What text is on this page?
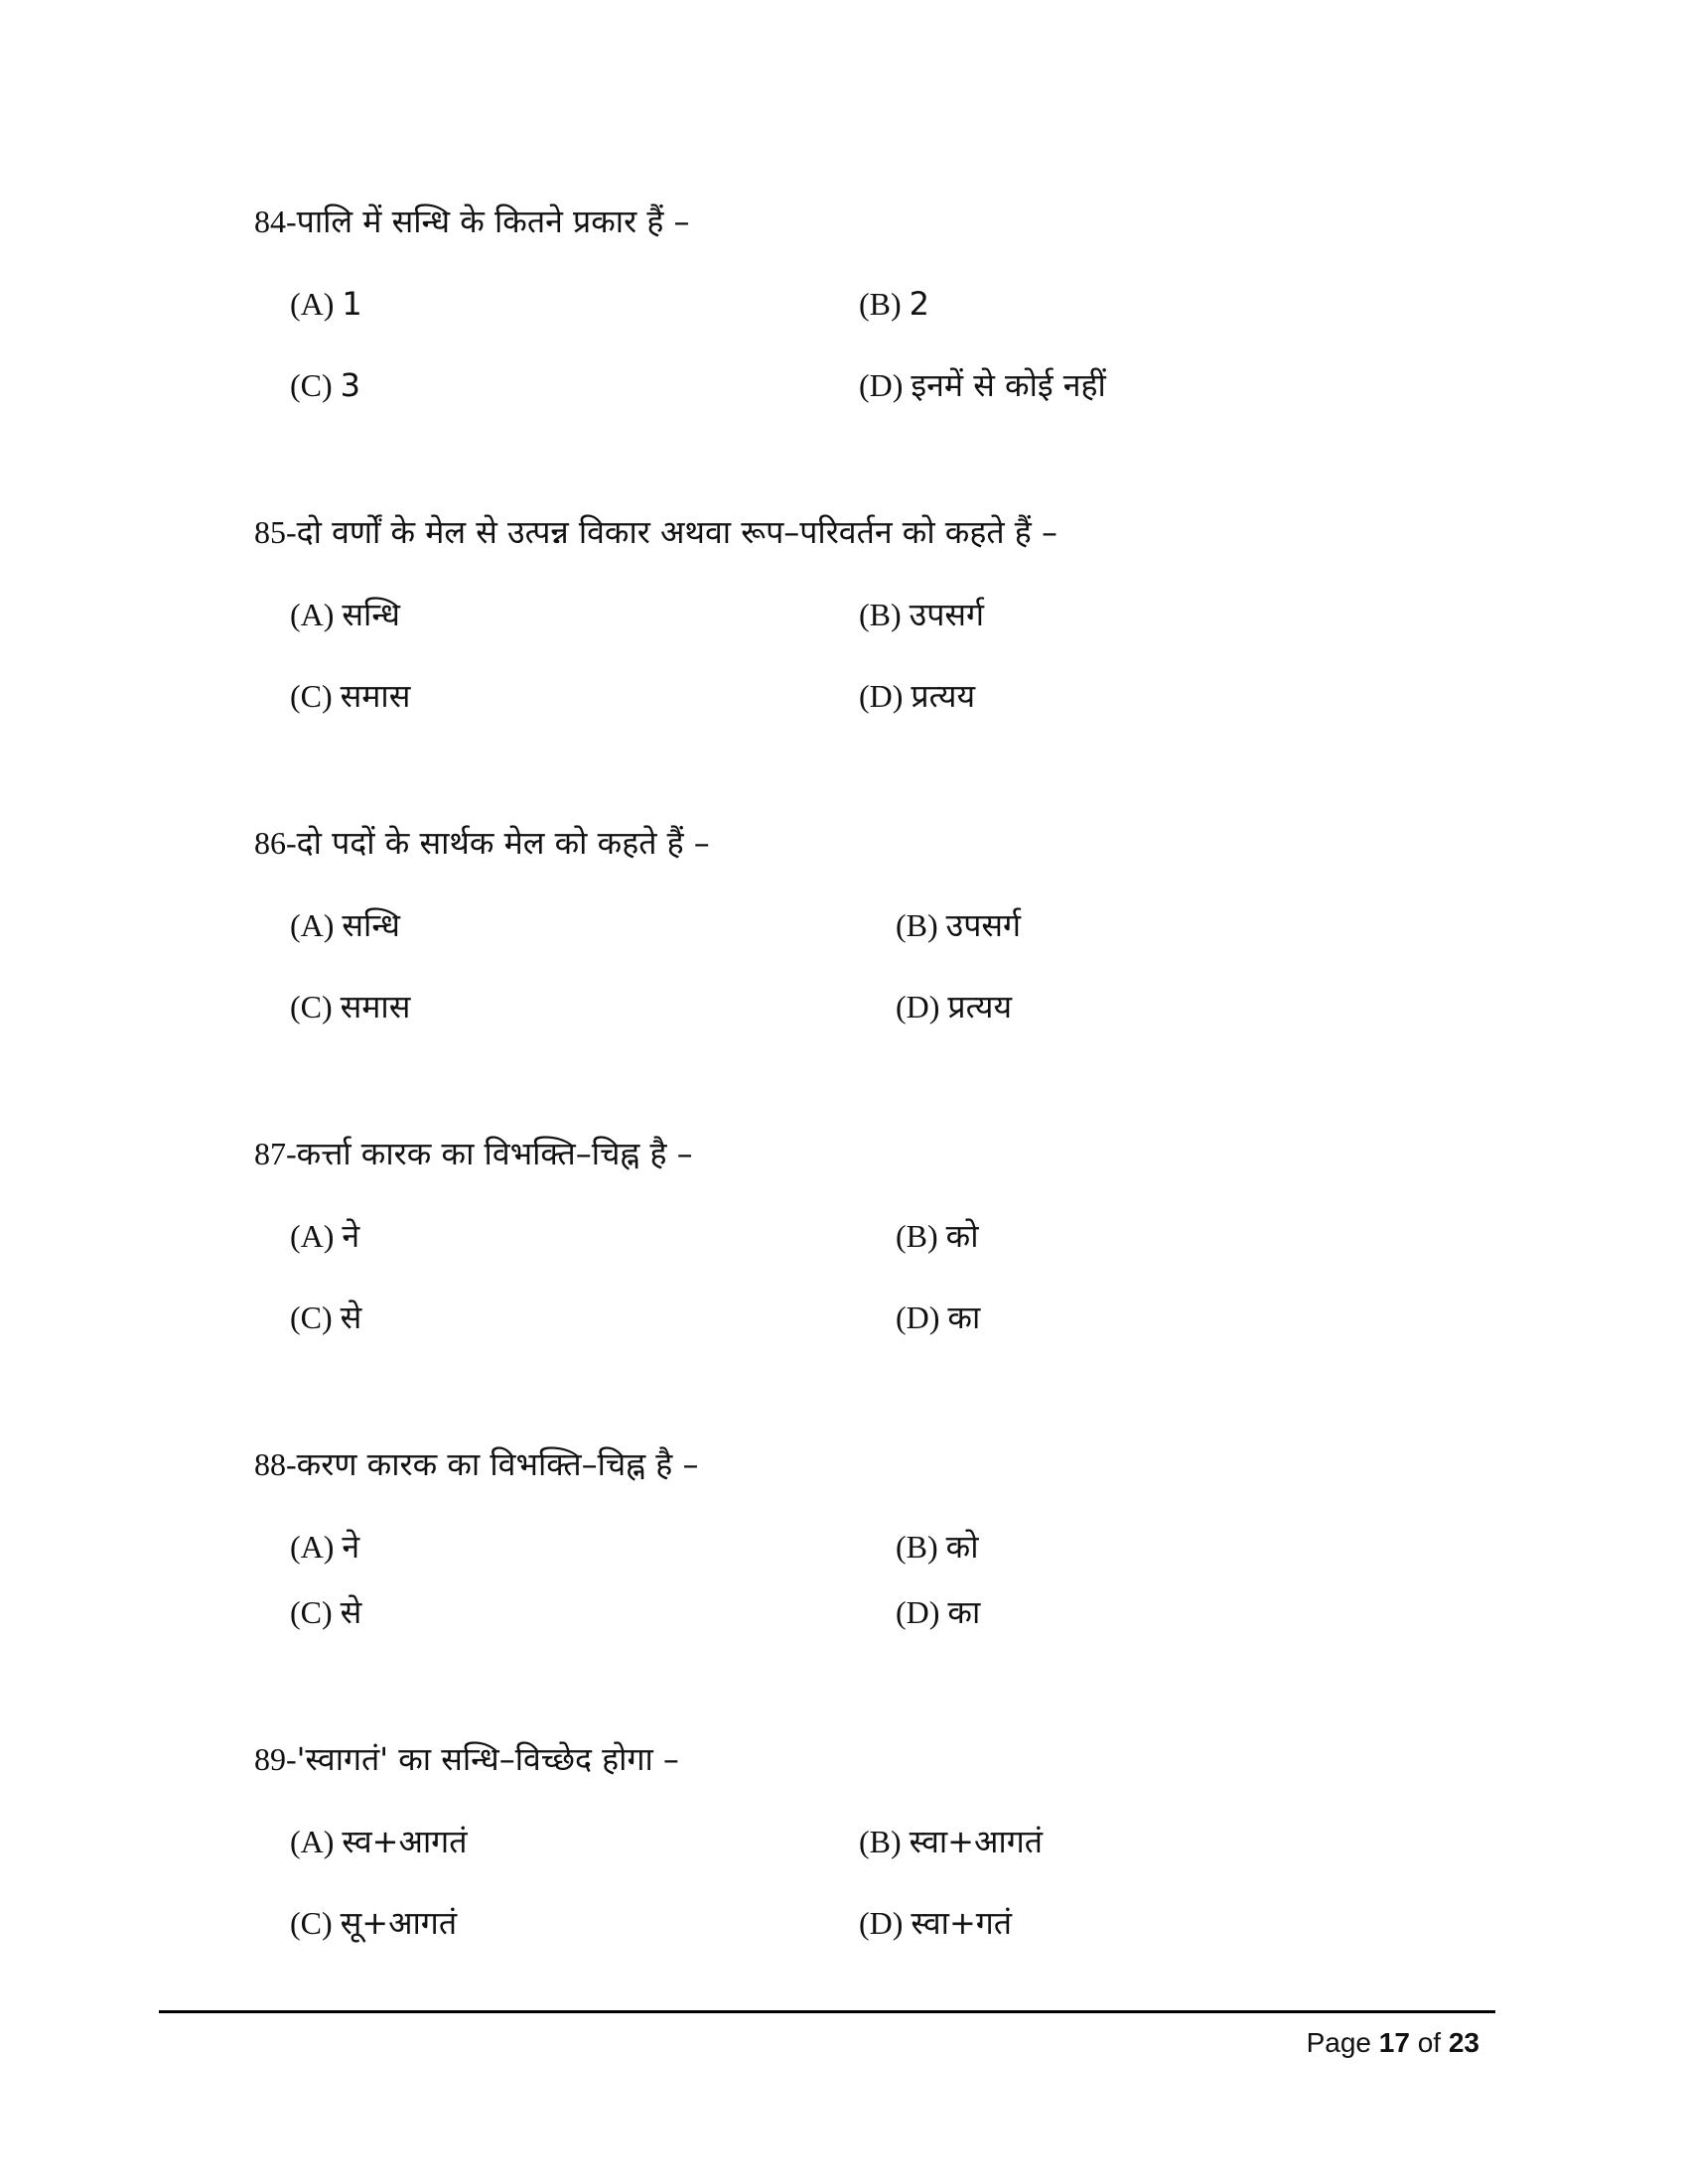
84-पालि में सन्धि के कितने प्रकार हैं –
(A) 1	(B) 2
(C) 3	(D) इनमें से कोई नहीं
85-दो वर्णों के मेल से उत्पन्न विकार अथवा रूप–परिवर्तन को कहते हैं –
(A) सन्धि	(B) उपसर्ग
(C) समास	(D) प्रत्यय
86-दो पदों के सार्थक मेल को कहते हैं –
(A) सन्धि	(B) उपसर्ग
(C) समास	(D) प्रत्यय
87-कर्त्ता कारक का विभक्ति–चिह्न है –
(A) ने	(B) को
(C) से	(D) का
88-करण कारक का विभक्ति–चिह्न है –
(A) ने	(B) को
(C) से	(D) का
89-'स्वागतं' का सन्धि–विच्छेद होगा –
(A) स्व+आगतं	(B) स्वा+आगतं
(C) सू+आगतं	(D) स्वा+गतं
Page 17 of 23
